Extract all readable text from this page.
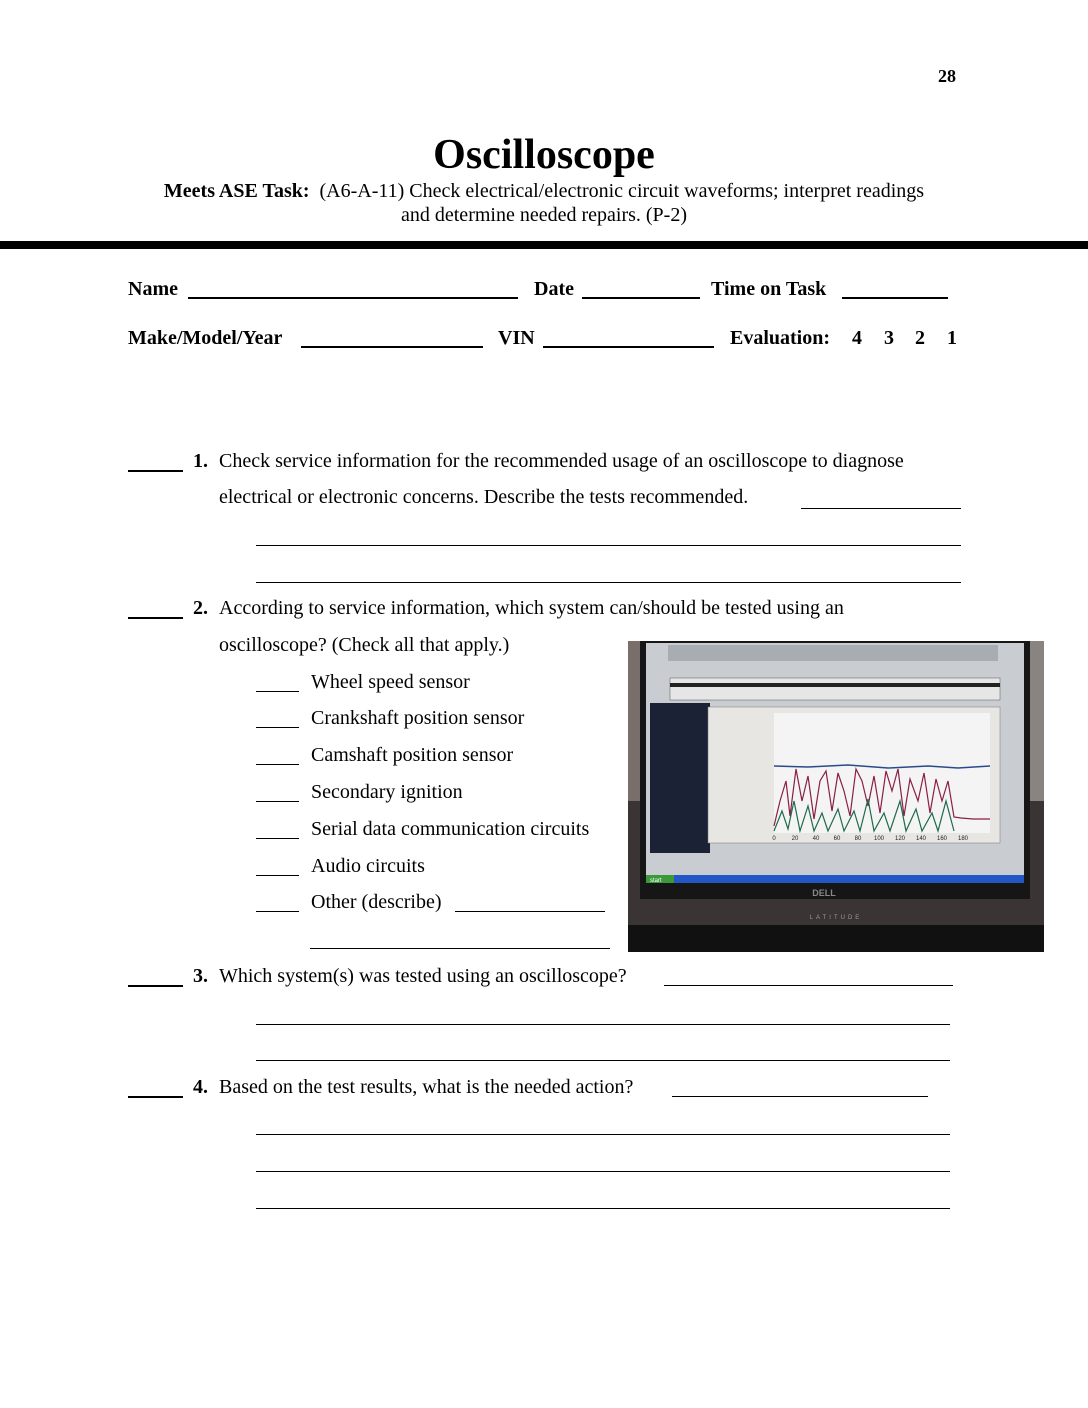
28
Oscilloscope
Meets ASE Task: (A6-A-11) Check electrical/electronic circuit waveforms; interpret readings
and determine needed repairs. (P-2)
Name	Date	Time on Task
Make/Model/Year	VIN	Evaluation: 4 3 2 1
1. Check service information for the recommended usage of an oscilloscope to diagnose
electrical or electronic concerns. Describe the tests recommended.
2. According to service information, which system can/should be tested using an
oscilloscope? (Check all that apply.)
Wheel speed sensor
Crankshaft position sensor
Camshaft position sensor
Secondary ignition
Serial data communication circuits
Audio circuits
Other (describe)
0	20 40 60 80 100 120 140 160 180
start
DELL
LATITUDE
3. Which system(s) was tested using an oscilloscope?
4. Based on the test results, what is the needed action?
